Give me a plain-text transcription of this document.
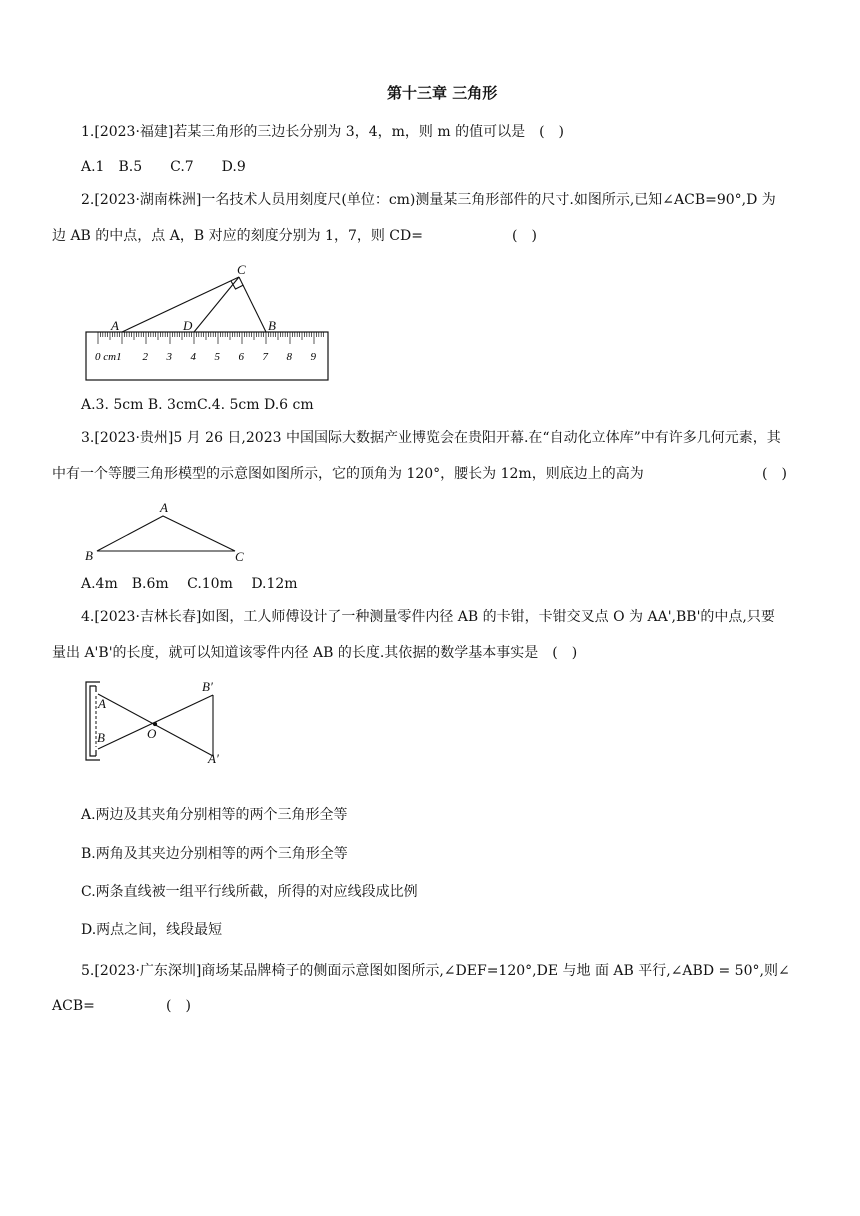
第十三章 三角形
1.[2023·福建]若某三角形的三边长分别为 3，4，m，则 m 的值可以是　(　)
A.1　B.5　　C.7　　D.9
2.[2023·湖南株洲]一名技术人员用刻度尺(单位：cm)测量某三角形部件的尺寸.如图所示,已知∠ACB=90°,D 为
边 AB 的中点，点 A，B 对应的刻度分别为 1，7，则 CD=	(　)
0 cm1 2 3 4 5 6 7 8 9
A	D	B
C
A.3. 5cm B. 3cmC.4. 5cm D.6 cm
3.[2023·贵州]5 月 26 日,2023 中国国际大数据产业博览会在贵阳开幕.在“自动化立体库”中有许多几何元素，其
中有一个等腰三角形模型的示意图如图所示，它的顶角为 120°，腰长为 12m，则底边上的高为	(　)
A
B	C
A.4m　B.6m　 C.10m　 D.12m
4.[2023·吉林长春]如图，工人师傅设计了一种测量零件内径 AB 的卡钳，卡钳交叉点 O 为 AA',BB'的中点,只要
量出 A'B'的长度，就可以知道该零件内径 AB 的长度.其依据的数学基本事实是　(　)
A
B	O
B′
A′
A.两边及其夹角分别相等的两个三角形全等
B.两角及其夹边分别相等的两个三角形全等
C.两条直线被一组平行线所截，所得的对应线段成比例
D.两点之间，线段最短
5.[2023·广东深圳]商场某品牌椅子的侧面示意图如图所示,∠DEF=120°,DE 与地 面 AB 平行,∠ABD = 50°,则∠
ACB=	(　)
